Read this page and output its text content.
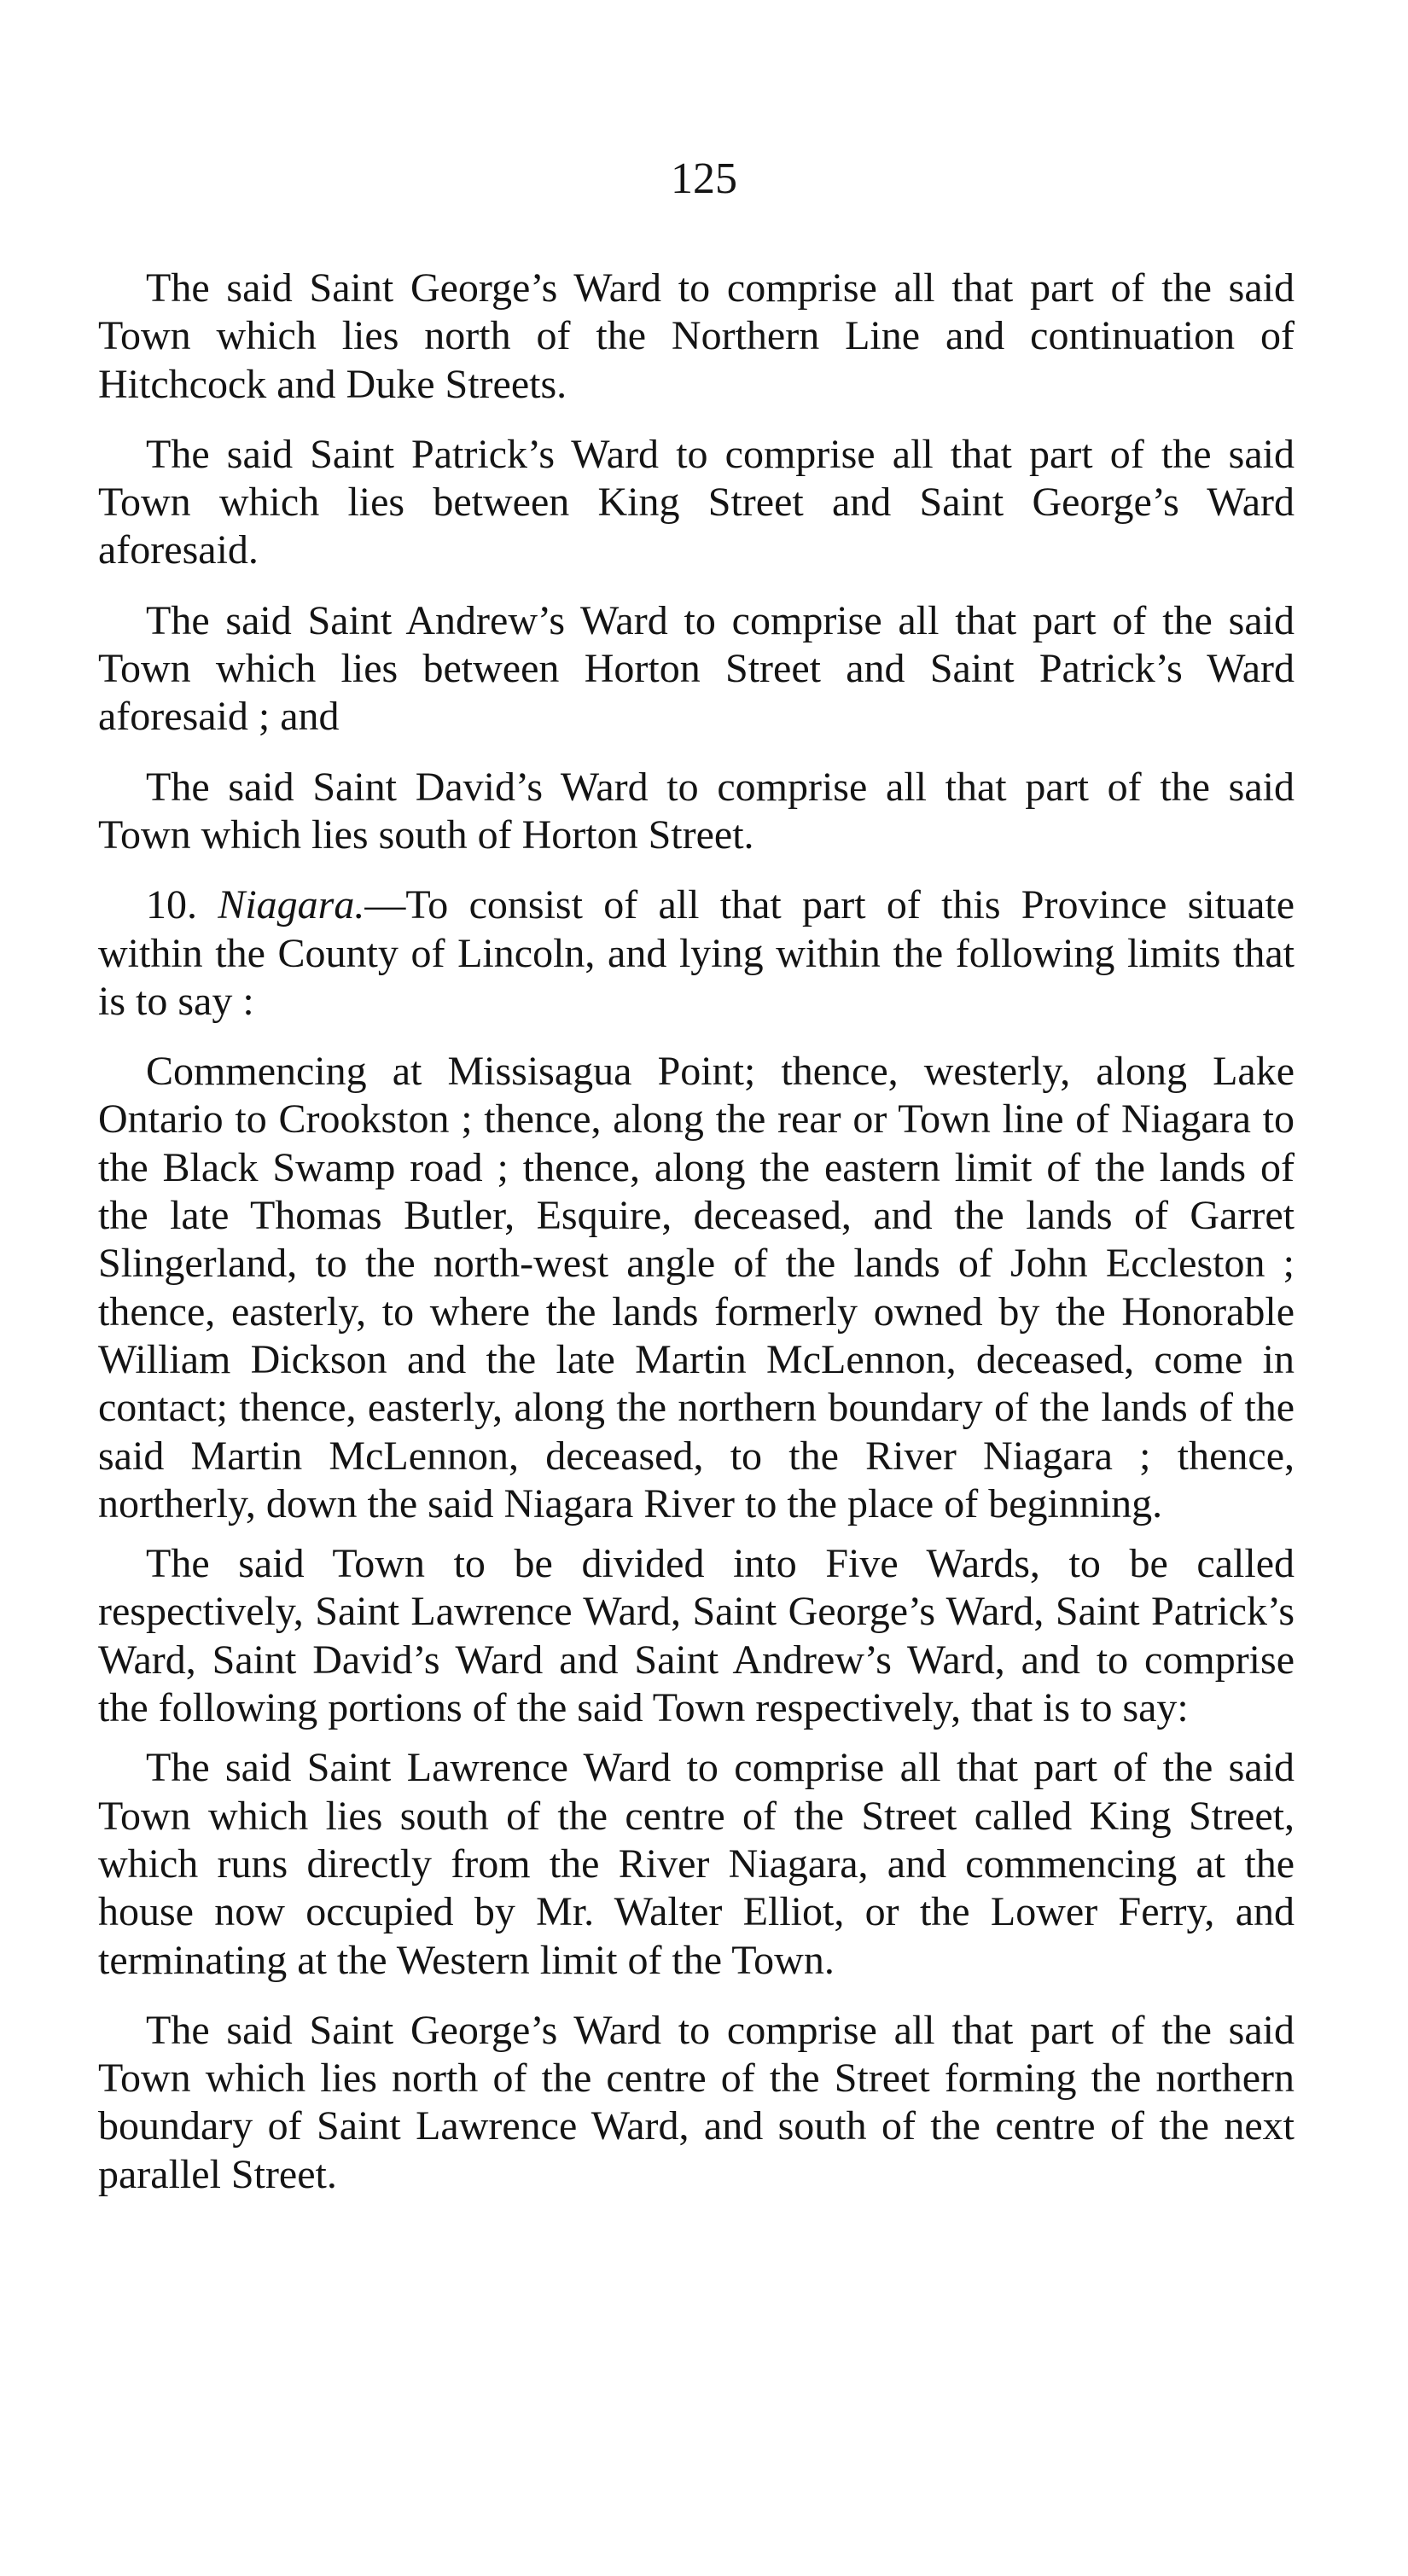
125

The said Saint George’s Ward to comprise all that part of the said Town which lies north of the Northern Line and continuation of Hitchcock and Duke Streets.

The said Saint Patrick’s Ward to comprise all that part of the said Town which lies between King Street and Saint George’s Ward aforesaid.

The said Saint Andrew’s Ward to comprise all that part of the said Town which lies between Horton Street and Saint Patrick’s Ward aforesaid ; and

The said Saint David’s Ward to comprise all that part of the said Town which lies south of Horton Street.

10. Niagara.—To consist of all that part of this Province situate within the County of Lincoln, and lying within the following limits that is to say :

Commencing at Missisagua Point; thence, westerly, along Lake Ontario to Crookston ; thence, along the rear or Town line of Niagara to the Black Swamp road ; thence, along the eastern limit of the lands of the late Thomas Butler, Esquire, deceased, and the lands of Garret Slingerland, to the north-west angle of the lands of John Eccleston ; thence, easterly, to where the lands formerly owned by the Honorable William Dickson and the late Martin McLennon, deceased, come in contact; thence, easterly, along the northern boundary of the lands of the said Martin McLennon, deceased, to the River Niagara ; thence, northerly, down the said Niagara River to the place of beginning.

The said Town to be divided into Five Wards, to be called respectively, Saint Lawrence Ward, Saint George’s Ward, Saint Patrick’s Ward, Saint David’s Ward and Saint Andrew’s Ward, and to comprise the following portions of the said Town respectively, that is to say:

The said Saint Lawrence Ward to comprise all that part of the said Town which lies south of the centre of the Street called King Street, which runs directly from the River Niagara, and commencing at the house now occupied by Mr. Walter Elliot, or the Lower Ferry, and terminating at the Western limit of the Town.

The said Saint George’s Ward to comprise all that part of the said Town which lies north of the centre of the Street forming the northern boundary of Saint Lawrence Ward, and south of the centre of the next parallel Street.
